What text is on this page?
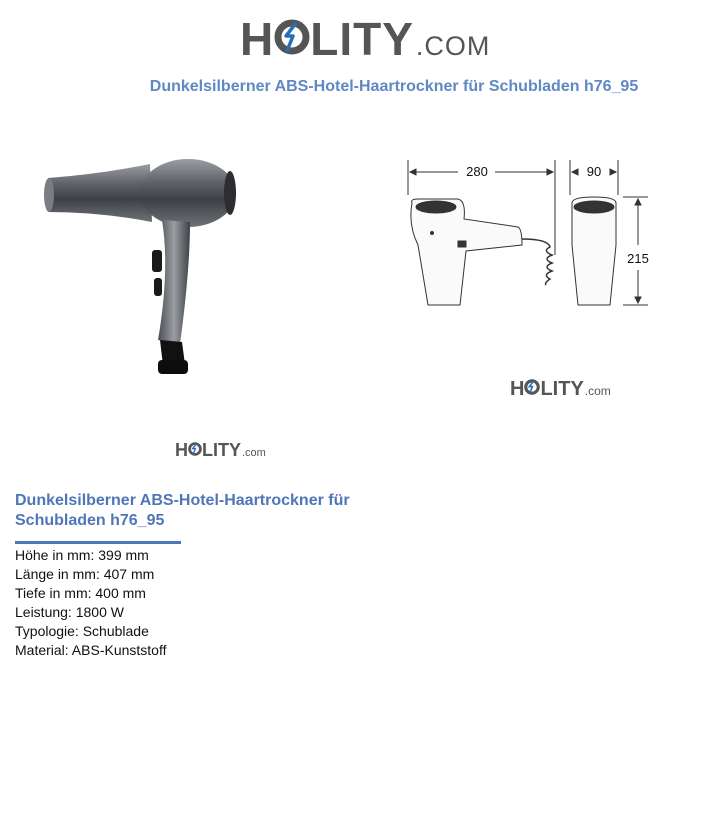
H LITY .COM
Dunkelsilberner ABS-Hotel-Haartrockner für Schubladen h76_95
280	90
215
H LITY .com
H LITY .com
Dunkelsilberner ABS-Hotel-Haartrockner für Schubladen h76_95
Höhe in mm: 399 mm
Länge in mm: 407 mm
Tiefe in mm: 400 mm
Leistung: 1800 W
Typologie: Schublade
Material: ABS-Kunststoff
